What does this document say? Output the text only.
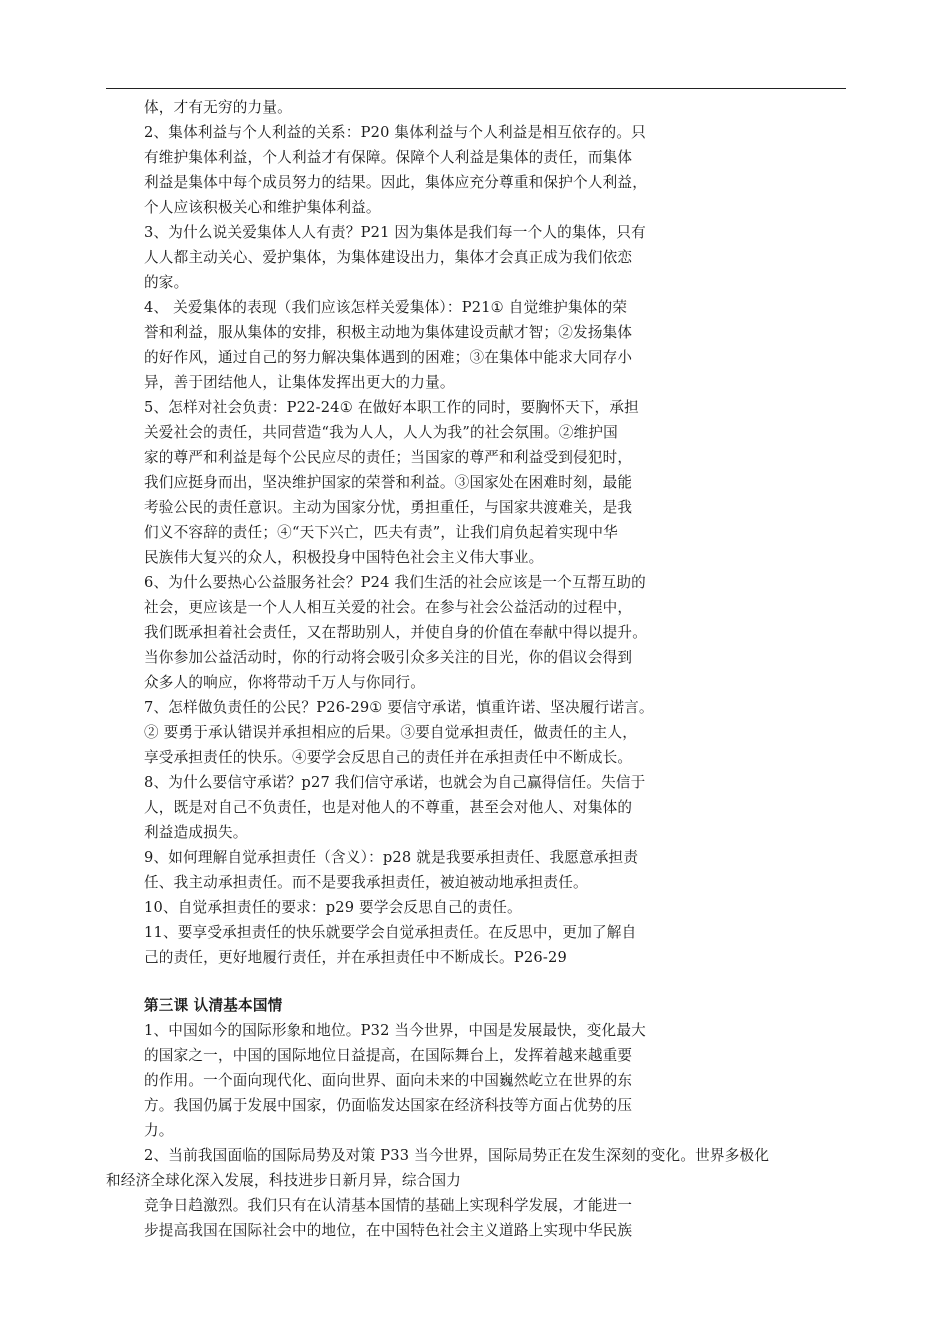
体，才有无穷的力量。
2、集体利益与个人利益的关系：P20 集体利益与个人利益是相互依存的。只
有维护集体利益，个人利益才有保障。保障个人利益是集体的责任，而集体
利益是集体中每个成员努力的结果。因此，集体应充分尊重和保护个人利益，
个人应该积极关心和维护集体利益。
3、为什么说关爱集体人人有责？P21 因为集体是我们每一个人的集体，只有
人人都主动关心、爱护集体，为集体建设出力，集体才会真正成为我们依恋
的家。
4、 关爱集体的表现（我们应该怎样关爱集体）：P21① 自觉维护集体的荣
誉和利益，服从集体的安排，积极主动地为集体建设贡献才智；②发扬集体
的好作风，通过自己的努力解决集体遇到的困难；③在集体中能求大同存小
异，善于团结他人，让集体发挥出更大的力量。
5、怎样对社会负责：P22-24① 在做好本职工作的同时，要胸怀天下，承担
关爱社会的责任，共同营造“我为人人，人人为我”的社会氛围。②维护国
家的尊严和利益是每个公民应尽的责任；当国家的尊严和利益受到侵犯时，
我们应挺身而出，坚决维护国家的荣誉和利益。③国家处在困难时刻，最能
考验公民的责任意识。主动为国家分忧，勇担重任，与国家共渡难关，是我
们义不容辞的责任；④“天下兴亡，匹夫有责”，让我们肩负起着实现中华
民族伟大复兴的众人，积极投身中国特色社会主义伟大事业。
6、为什么要热心公益服务社会？P24 我们生活的社会应该是一个互帮互助的
社会，更应该是一个人人相互关爱的社会。在参与社会公益活动的过程中，
我们既承担着社会责任，又在帮助别人，并使自身的价值在奉献中得以提升。
当你参加公益活动时，你的行动将会吸引众多关注的目光，你的倡议会得到
众多人的响应，你将带动千万人与你同行。
7、怎样做负责任的公民？P26-29① 要信守承诺，慎重许诺、坚决履行诺言。
② 要勇于承认错误并承担相应的后果。③要自觉承担责任，做责任的主人，
享受承担责任的快乐。④要学会反思自己的责任并在承担责任中不断成长。
8、为什么要信守承诺？p27 我们信守承诺，也就会为自己赢得信任。失信于
人，既是对自己不负责任，也是对他人的不尊重，甚至会对他人、对集体的
利益造成损失。
9、如何理解自觉承担责任（含义）：p28 就是我要承担责任、我愿意承担责
任、我主动承担责任。而不是要我承担责任，被迫被动地承担责任。
10、自觉承担责任的要求：p29 要学会反思自己的责任。
11、要享受承担责任的快乐就要学会自觉承担责任。在反思中，更加了解自
己的责任，更好地履行责任，并在承担责任中不断成长。P26-29
第三课 认清基本国情
1、中国如今的国际形象和地位。P32 当今世界，中国是发展最快，变化最大
的国家之一，中国的国际地位日益提高，在国际舞台上，发挥着越来越重要
的作用。一个面向现代化、面向世界、面向未来的中国巍然屹立在世界的东
方。我国仍属于发展中国家，仍面临发达国家在经济科技等方面占优势的压
力。
2、当前我国面临的国际局势及对策 P33 当今世界，国际局势正在发生深刻的变化。世界多极化
和经济全球化深入发展，科技进步日新月异，综合国力
竞争日趋激烈。我们只有在认清基本国情的基础上实现科学发展，才能进一
步提高我国在国际社会中的地位，在中国特色社会主义道路上实现中华民族
